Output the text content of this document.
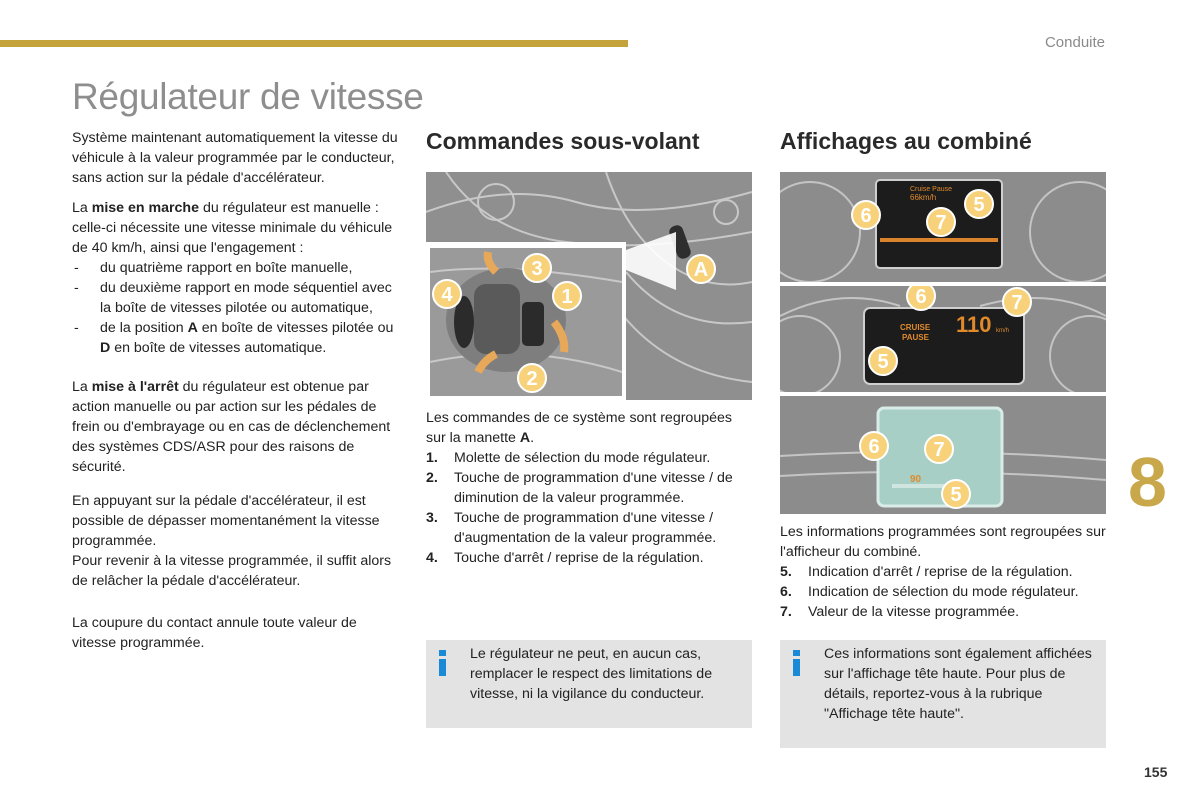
Conduite
Régulateur de vitesse

Système maintenant automatiquement la vitesse du véhicule à la valeur programmée par le conducteur, sans action sur la pédale d'accélérateur.

La mise en marche du régulateur est manuelle : celle-ci nécessite une vitesse minimale du véhicule de 40 km/h, ainsi que l'engagement :

- du quatrième rapport en boîte manuelle,
- du deuxième rapport en mode séquentiel avec la boîte de vitesses pilotée ou automatique,
- de la position A en boîte de vitesses pilotée ou D en boîte de vitesses automatique.

La mise à l'arrêt du régulateur est obtenue par action manuelle ou par action sur les pédales de frein ou d'embrayage ou en cas de déclenchement des systèmes CDS/ASR pour des raisons de sécurité.

En appuyant sur la pédale d'accélérateur, il est possible de dépasser momentanément la vitesse programmée.

Pour revenir à la vitesse programmée, il suffit alors de relâcher la pédale d'accélérateur.

La coupure du contact annule toute valeur de vitesse programmée.

Commandes sous-volant
3
4	1
2
A

Les commandes de ce système sont regroupées sur la manette A.

1. Molette de sélection du mode régulateur.
2. Touche de programmation d'une vitesse / de diminution de la valeur programmée.
3. Touche de programmation d'une vitesse / d'augmentation de la valeur programmée.
4. Touche d'arrêt / reprise de la régulation.
Le régulateur ne peut, en aucun cas, remplacer le respect des limitations de vitesse, ni la vigilance du conducteur.
Affichages au combiné
Cruise Pause
66km/h
6	7
5
CRUISE
PAUSE
110 km/h
6	7
5
90
6	7
5

Les informations programmées sont regroupées sur l'afficheur du combiné.

5. Indication d'arrêt / reprise de la régulation.
6. Indication de sélection du mode régulateur.
7. Valeur de la vitesse programmée.
Ces informations sont également affichées sur l'affichage tête haute. Pour plus de détails, reportez-vous à la rubrique "Affichage tête haute".
8
155
